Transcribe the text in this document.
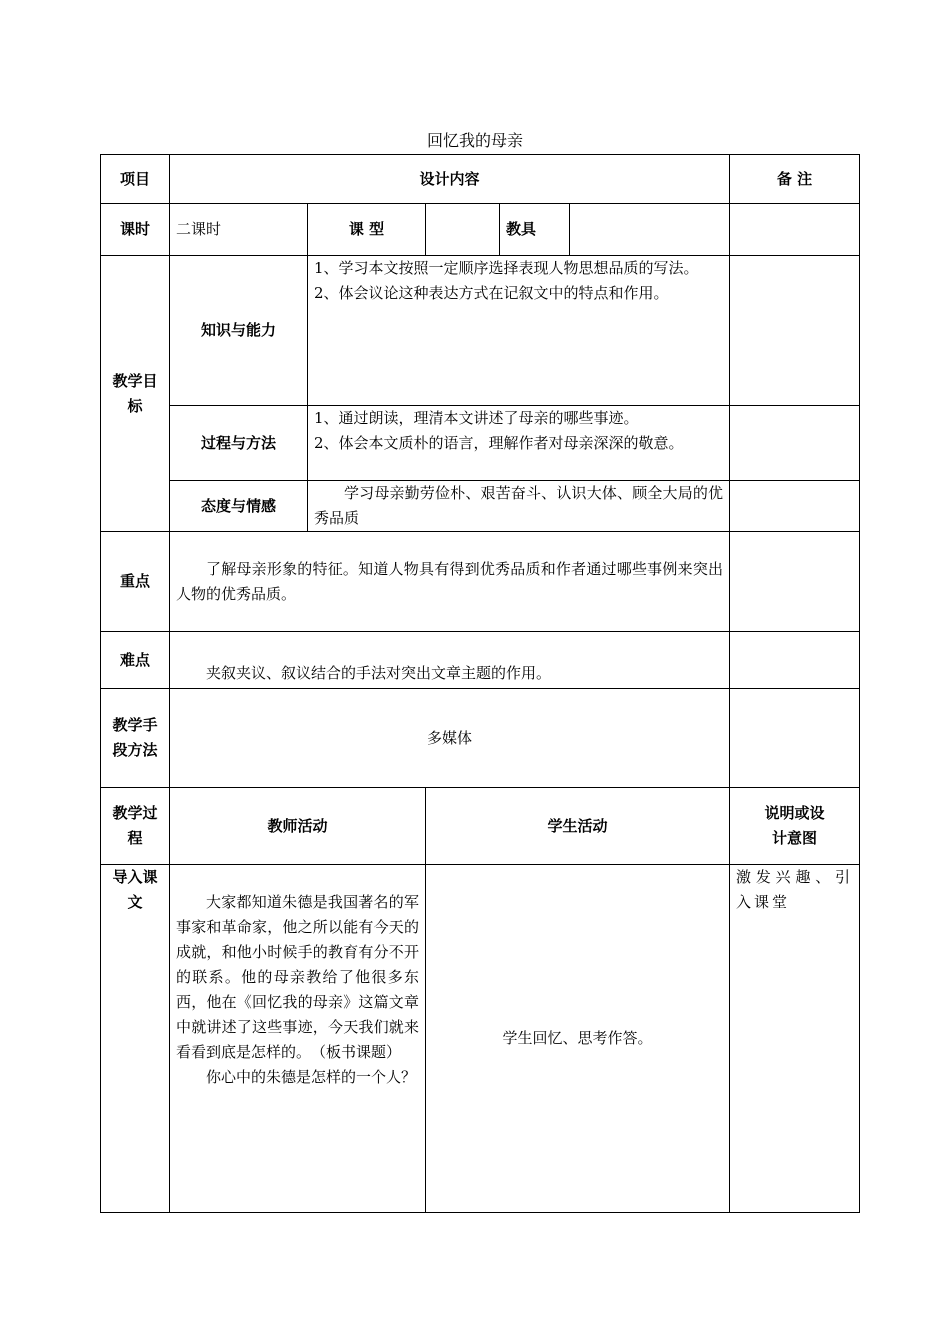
回忆我的母亲
项目	设计内容					备 注
课时	二课时	课 型		教具		
教学目标	知识与能力	1、学习本文按照一定顺序选择表现人物思想品质的写法。

2、体会议论这种表达方式在记叙文中的特点和作用。				

	过程与方法	1、通过朗读，理清本文讲述了母亲的哪些事迹。

2、体会本文质朴的语言，理解作者对母亲深深的敬意。				

	态度与情感	学习母亲勤劳俭朴、艰苦奋斗、认识大体、顾全大局的优秀品质				
重点	了解母亲形象的特征。知道人物具有得到优秀品质和作者通过哪些事例来突出人物的优秀品质。					
难点	夹叙夹议、叙议结合的手法对突出文章主题的作用。					
教学手段方法	多媒体					
教学过程	教师活动		学生活动			说明或设计意图
导入课文	大家都知道朱德是我国著名的军事家和革命家，他之所以能有今天的成就，和他小时候手的教育有分不开的联系。他的母亲教给了他很多东西，他在《回忆我的母亲》这篇文章中就讲述了这些事迹，今天我们就来看看到底是怎样的。　（板书课题）

你心中的朱德是怎样的一个人？		学生回忆、思考作答。			激发兴趣、引入课堂
